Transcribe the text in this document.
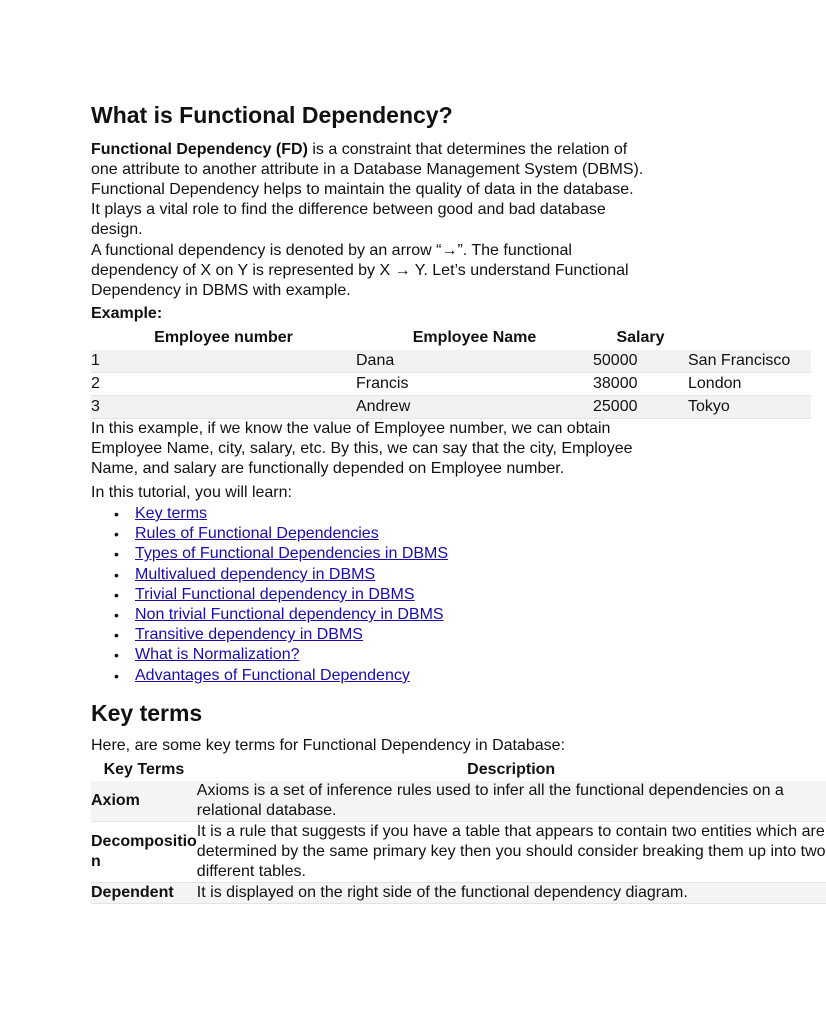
What is Functional Dependency?

Functional Dependency (FD) is a constraint that determines the relation of
one attribute to another attribute in a Database Management System (DBMS).
Functional Dependency helps to maintain the quality of data in the database.
It plays a vital role to find the difference between good and bad database
design.

A functional dependency is denoted by an arrow “→”. The functional
dependency of X on Y is represented by X → Y. Let’s understand Functional
Dependency in DBMS with example.

Example:
Employee number	Employee Name	Salary	
1	Dana	50000	San Francisco
2	Francis	38000	London
3	Andrew	25000	Tokyo

In this example, if we know the value of Employee number, we can obtain
Employee Name, city, salary, etc. By this, we can say that the city, Employee
Name, and salary are functionally depended on Employee number.

In this tutorial, you will learn:

• Key terms
• Rules of Functional Dependencies
• Types of Functional Dependencies in DBMS
• Multivalued dependency in DBMS
• Trivial Functional dependency in DBMS
• Non trivial Functional dependency in DBMS
• Transitive dependency in DBMS
• What is Normalization?
• Advantages of Functional Dependency
Key terms

Here, are some key terms for Functional Dependency in Database:

Key Terms	Description
Axiom	Axioms is a set of inference rules used to infer all the functional dependencies on a
relational database.
Decompositio
n	It is a rule that suggests if you have a table that appears to contain two entities which are
determined by the same primary key then you should consider breaking them up into two
different tables.
Dependent	It is displayed on the right side of the functional dependency diagram.
